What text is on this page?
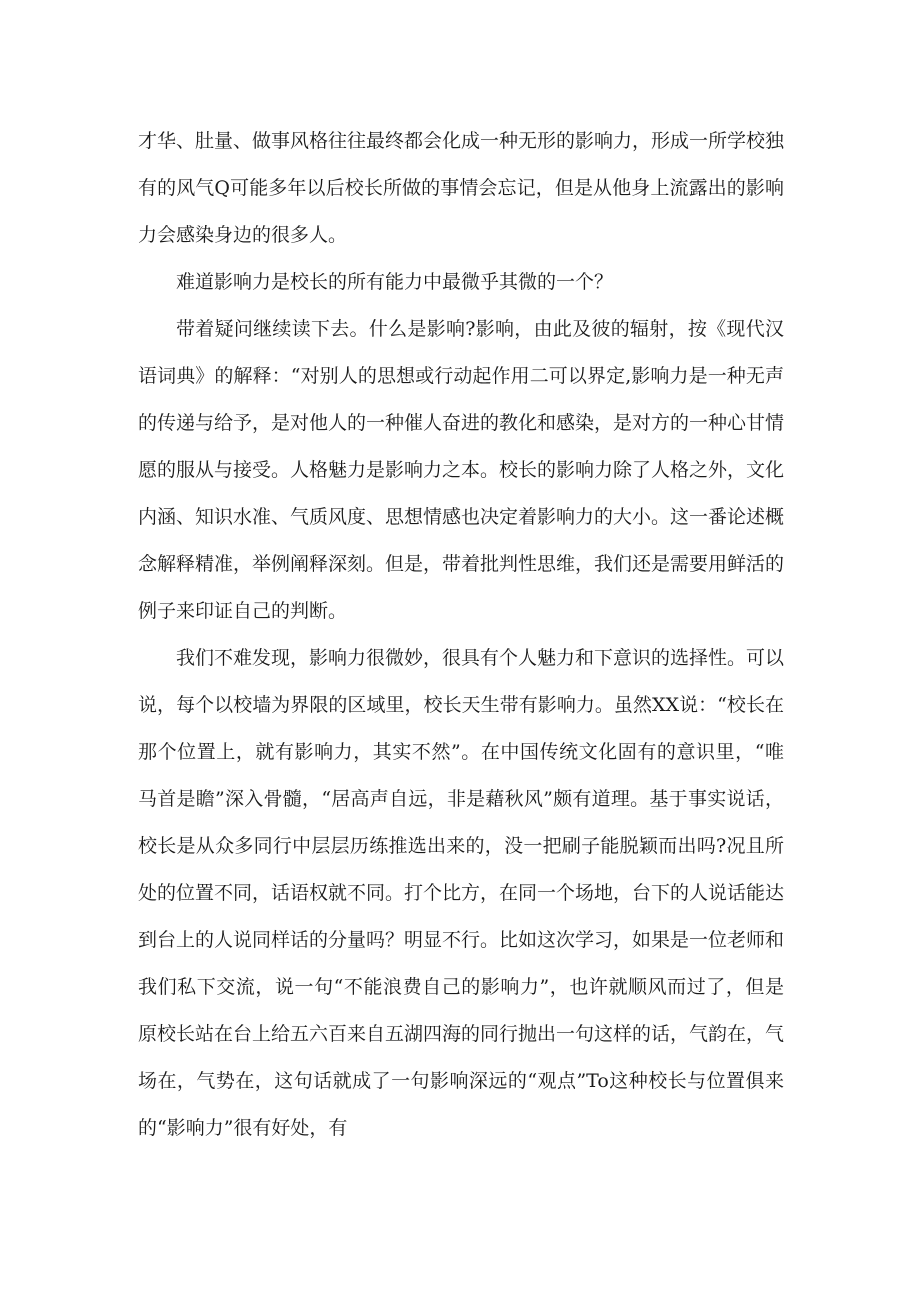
才华、肚量、做事风格往往最终都会化成一种无形的影响力，形成一所学校独有的风气Q可能多年以后校长所做的事情会忘记，但是从他身上流露出的影响力会感染身边的很多人。

难道影响力是校长的所有能力中最微乎其微的一个？

带着疑问继续读下去。什么是影响?影响，由此及彼的辐射，按《现代汉语词典》的解释：“对别人的思想或行动起作用二可以界定,影响力是一种无声的传递与给予，是对他人的一种催人奋进的教化和感染，是对方的一种心甘情愿的服从与接受。人格魅力是影响力之本。校长的影响力除了人格之外，文化内涵、知识水准、气质风度、思想情感也决定着影响力的大小。这一番论述概念解释精准，举例阐释深刻。但是，带着批判性思维，我们还是需要用鲜活的例子来印证自己的判断。

我们不难发现，影响力很微妙，很具有个人魅力和下意识的选择性。可以说，每个以校墙为界限的区域里，校长天生带有影响力。虽然XX说：“校长在那个位置上，就有影响力，其实不然”。在中国传统文化固有的意识里，“唯马首是瞻”深入骨髓，“居高声自远，非是藉秋风”颇有道理。基于事实说话，校长是从众多同行中层层历练推选出来的，没一把刷子能脱颖而出吗?况且所处的位置不同，话语权就不同。打个比方，在同一个场地，台下的人说话能达到台上的人说同样话的分量吗？明显不行。比如这次学习，如果是一位老师和我们私下交流，说一句“不能浪费自己的影响力”，也许就顺风而过了，但是原校长站在台上给五六百来自五湖四海的同行抛出一句这样的话，气韵在，气场在，气势在，这句话就成了一句影响深远的“观点”To这种校长与位置俱来的“影响力”很有好处，有
